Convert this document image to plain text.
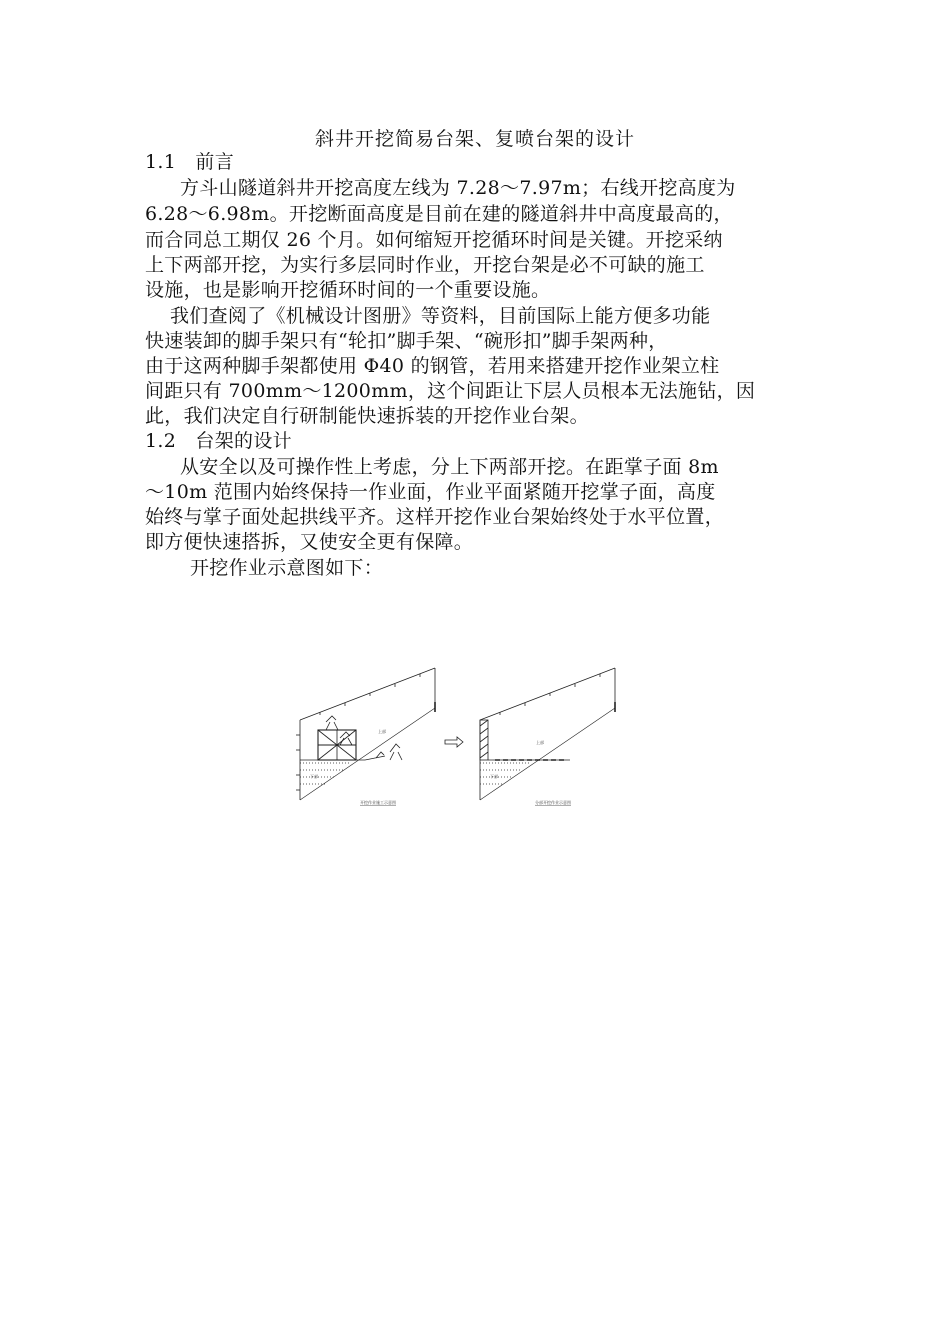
斜井开挖简易台架、复喷台架的设计
1.1　前言
方斗山隧道斜井开挖高度左线为 7.28～7.97m；右线开挖高度为
6.28～6.98m。开挖断面高度是目前在建的隧道斜井中高度最高的，
而合同总工期仅 26 个月。如何缩短开挖循环时间是关键。开挖采纳
上下两部开挖，为实行多层同时作业，开挖台架是必不可缺的施工
设施，也是影响开挖循环时间的一个重要设施。
我们查阅了《机械设计图册》等资料，目前国际上能方便多功能
快速装卸的脚手架只有“轮扣”脚手架、“碗形扣”脚手架两种，
由于这两种脚手架都使用 Φ40 的钢管，若用来搭建开挖作业架立柱
间距只有 700mm～1200mm，这个间距让下层人员根本无法施钻，因
此，我们决定自行研制能快速拆装的开挖作业台架。
1.2　台架的设计
从安全以及可操作性上考虑，分上下两部开挖。在距掌子面 8m
～10m 范围内始终保持一作业面，作业平面紧随开挖掌子面，高度
始终与掌子面处起拱线平齐。这样开挖作业台架始终处于水平位置，
即方便快速搭拆，又使安全更有保障。
开挖作业示意图如下：
上部
下部
开挖作业施工示意图
上部
下部
分部开挖作业示意图
